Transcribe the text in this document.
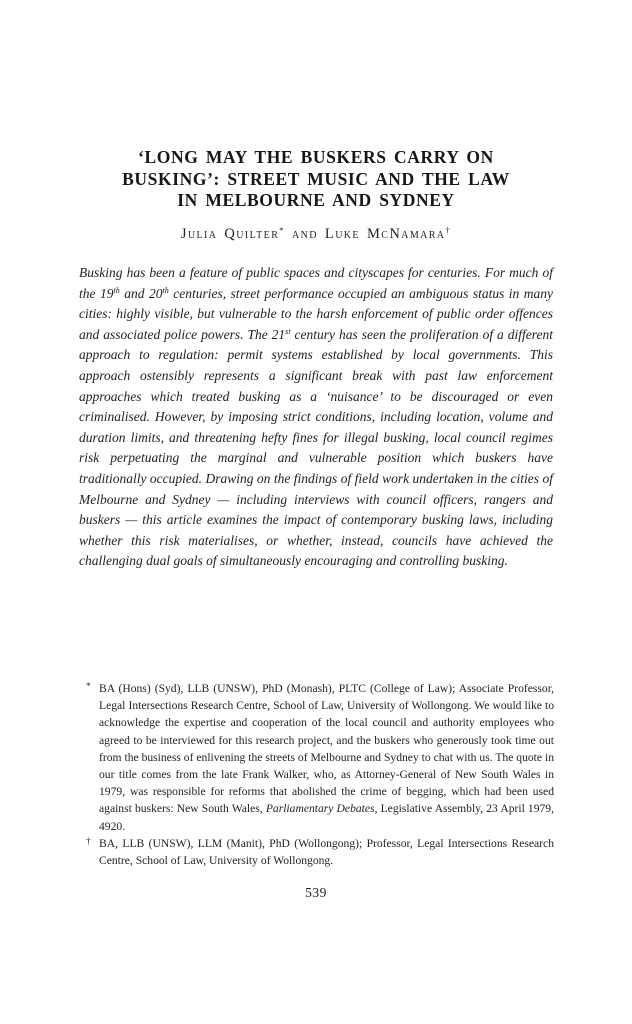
‘LONG MAY THE BUSKERS CARRY ON
BUSKING’: STREET MUSIC AND THE LAW
IN MELBOURNE AND SYDNEY
Julia Quilter* and Luke McNamara†

Busking has been a feature of public spaces and cityscapes for centuries. For much of the 19th and 20th centuries, street performance occupied an ambiguous status in many cities: highly visible, but vulnerable to the harsh enforcement of public order offences and associated police powers. The 21st century has seen the proliferation of a different approach to regulation: permit systems established by local governments. This approach ostensibly represents a significant break with past law enforcement approaches which treated busking as a ‘nuisance’ to be discouraged or even criminalised. However, by imposing strict conditions, including location, volume and duration limits, and threatening hefty fines for illegal busking, local council regimes risk perpetuating the marginal and vulnerable position which buskers have traditionally occupied. Drawing on the findings of field work undertaken in the cities of Melbourne and Sydney — including interviews with council officers, rangers and buskers — this article examines the impact of contemporary busking laws, including whether this risk materialises, or whether, instead, councils have achieved the challenging dual goals of simultaneously encouraging and controlling busking.

* BA (Hons) (Syd), LLB (UNSW), PhD (Monash), PLTC (College of Law); Associate Professor, Legal Intersections Research Centre, School of Law, University of Wollongong. We would like to acknowledge the expertise and cooperation of the local council and authority employees who agreed to be interviewed for this research project, and the buskers who generously took time out from the business of enlivening the streets of Melbourne and Sydney to chat with us. The quote in our title comes from the late Frank Walker, who, as Attorney-General of New South Wales in 1979, was responsible for reforms that abolished the crime of begging, which had been used against buskers: New South Wales, Parliamentary Debates, Legislative Assembly, 23 April 1979, 4920.
† BA, LLB (UNSW), LLM (Manit), PhD (Wollongong); Professor, Legal Intersections Research Centre, School of Law, University of Wollongong.
539
